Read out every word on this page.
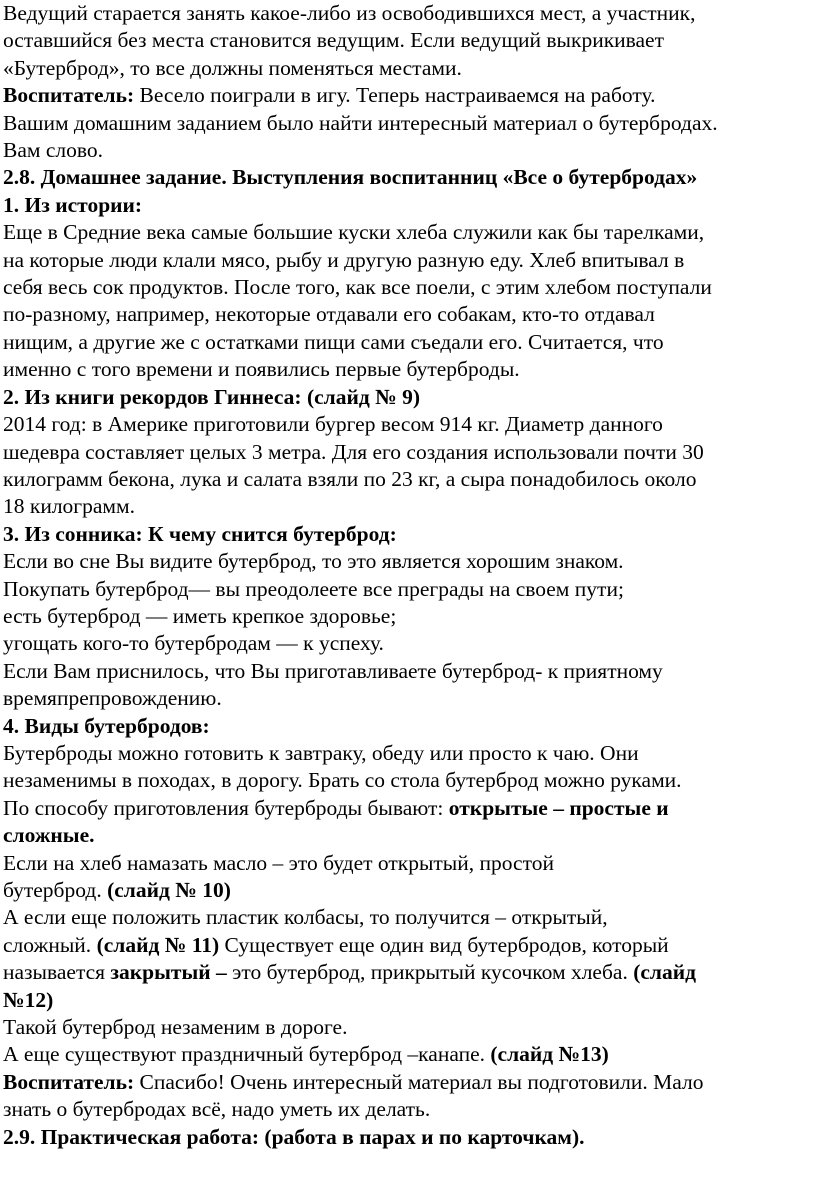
Ведущий старается занять какое-либо из освободившихся мест, а участник,
оставшийся без места становится ведущим. Если ведущий выкрикивает
«Бутерброд», то все должны поменяться местами.
Воспитатель: Весело поиграли в игу. Теперь настраиваемся на работу.
Вашим домашним заданием было найти интересный материал о бутербродах.
Вам слово.
2.8. Домашнее задание. Выступления воспитанниц «Все о бутербродах»
1. Из истории:
Еще в Средние века самые большие куски хлеба служили как бы тарелками,
на которые люди клали мясо, рыбу и другую разную еду. Хлеб впитывал в
себя весь сок продуктов. После того, как все поели, с этим хлебом поступали
по-разному, например, некоторые отдавали его собакам, кто-то отдавал
нищим, а другие же с остатками пищи сами съедали его. Считается, что
именно с того времени и появились первые бутерброды.
2. Из книги рекордов Гиннеса: (слайд № 9)
2014 год: в Америке приготовили бургер весом 914 кг. Диаметр данного
шедевра составляет целых 3 метра. Для его создания использовали почти 30
килограмм бекона, лука и салата взяли по 23 кг, а сыра понадобилось около
18 килограмм.
3. Из сонника: К чему снится бутерброд:
Если во сне Вы видите бутерброд, то это является хорошим знаком.
Покупать бутерброд— вы преодолеете все преграды на своем пути;
есть бутерброд — иметь крепкое здоровье;
угощать кого-то бутербродам — к успеху.
Если Вам приснилось, что Вы приготавливаете бутерброд- к приятному
времяпрепровождению.
4. Виды бутербродов:
Бутерброды можно готовить к завтраку, обеду или просто к чаю. Они
незаменимы в походах, в дорогу. Брать со стола бутерброд можно руками.
По способу приготовления бутерброды бывают: открытые – простые и
сложные.
Если на хлеб намазать масло – это будет открытый, простой
бутерброд. (слайд № 10)
А если еще положить пластик колбасы, то получится – открытый,
сложный. (слайд № 11) Существует еще один вид бутербродов, который
называется закрытый – это бутерброд, прикрытый кусочком хлеба. (слайд
№12)
Такой бутерброд незаменим в дороге.
А еще существуют праздничный бутерброд –канапе. (слайд №13)
Воспитатель: Спасибо! Очень интересный материал вы подготовили. Мало
знать о бутербродах всё, надо уметь их делать.
2.9. Практическая работа: (работа в парах и по карточкам).
